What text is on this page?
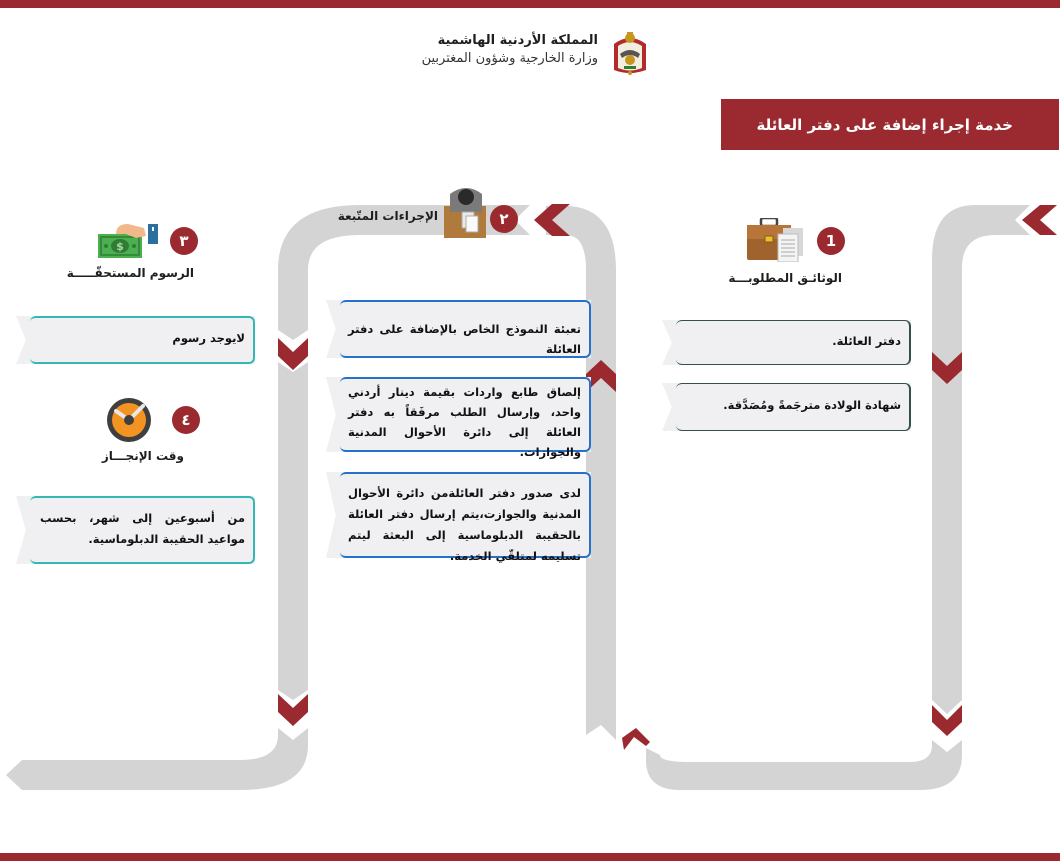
المملكة الأردنية الهاشمية
وزارة الخارجية وشؤون المغتربين
خدمة إجراء إضافة على دفتر العائلة
1
الوثائـق المطلوبـــة
دفتر العائلة.
شهادة الولادة مترجَمةً ومُصَدَّقة.
٢
الإجراءات المتّبعة
تعبئة النموذج الخاص بالإضافة على دفتر العائلة
إلصاق طابع واردات بقيمة دينار أردني واحد، وإرسال الطلب مرفَقاً به دفتر العائلة إلى دائرة الأحوال المدنية والجوازات.
لدى صدور دفتر العائلةمن دائرة الأحوال المدنية والجوازت،يتم إرسال دفتر العائلة بالحقيبة الدبلوماسية إلى البعثة ليتم تسليمه لمتلقّي الخدمة.
$	٣
الرسوم المستحقّـــــة
لايوجد رسوم
٤
وقت الإنجـــاز
من أسبوعين إلى شهر، بحسب مواعيد الحقيبة الدبلوماسية.
